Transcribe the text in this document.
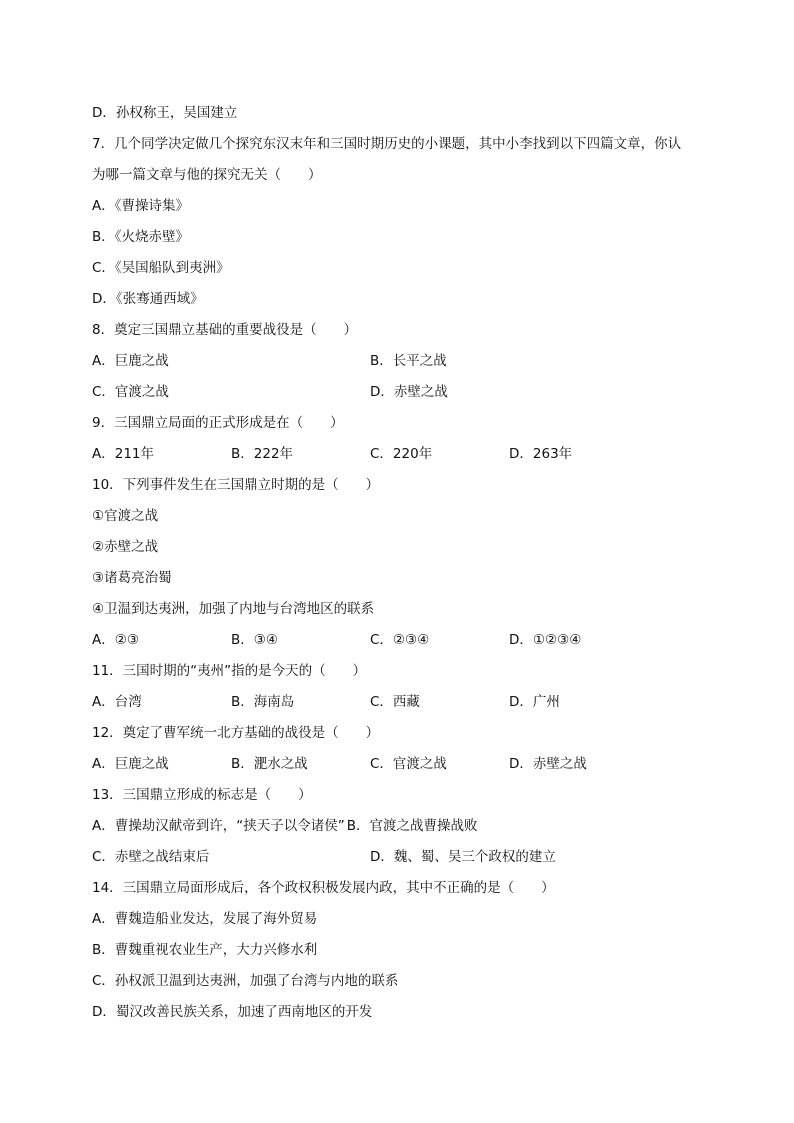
D．孙权称王，吴国建立
7．几个同学决定做几个探究东汉末年和三国时期历史的小课题，其中小李找到以下四篇文章，你认
为哪一篇文章与他的探究无关（　　）
A．《曹操诗集》
B．《火烧赤壁》
C．《吴国船队到夷洲》
D．《张骞通西域》
8．奠定三国鼎立基础的重要战役是（　　）
A．巨鹿之战	B．长平之战
C．官渡之战	D．赤壁之战
9．三国鼎立局面的正式形成是在（　　）
A．211年	B．222年	C．220年	D．263年
10．下列事件发生在三国鼎立时期的是（　　）
①官渡之战
②赤壁之战
③诸葛亮治蜀
④卫温到达夷洲，加强了内地与台湾地区的联系
A．②③	B．③④	C．②③④	D．①②③④
11．三国时期的“夷州”指的是今天的（　　）
A．台湾	B．海南岛	C．西藏	D．广州
12．奠定了曹军统一北方基础的战役是（　　）
A．巨鹿之战	B．淝水之战	C．官渡之战	D．赤壁之战
13．三国鼎立形成的标志是（　　）
A．曹操劫汉献帝到许，“挟天子以令诸侯” B．官渡之战曹操战败
C．赤壁之战结束后	D．魏、蜀、吴三个政权的建立
14．三国鼎立局面形成后，各个政权积极发展内政，其中不正确的是（　　）
A．曹魏造船业发达，发展了海外贸易
B．曹魏重视农业生产，大力兴修水利
C．孙权派卫温到达夷洲，加强了台湾与内地的联系
D．蜀汉改善民族关系，加速了西南地区的开发
